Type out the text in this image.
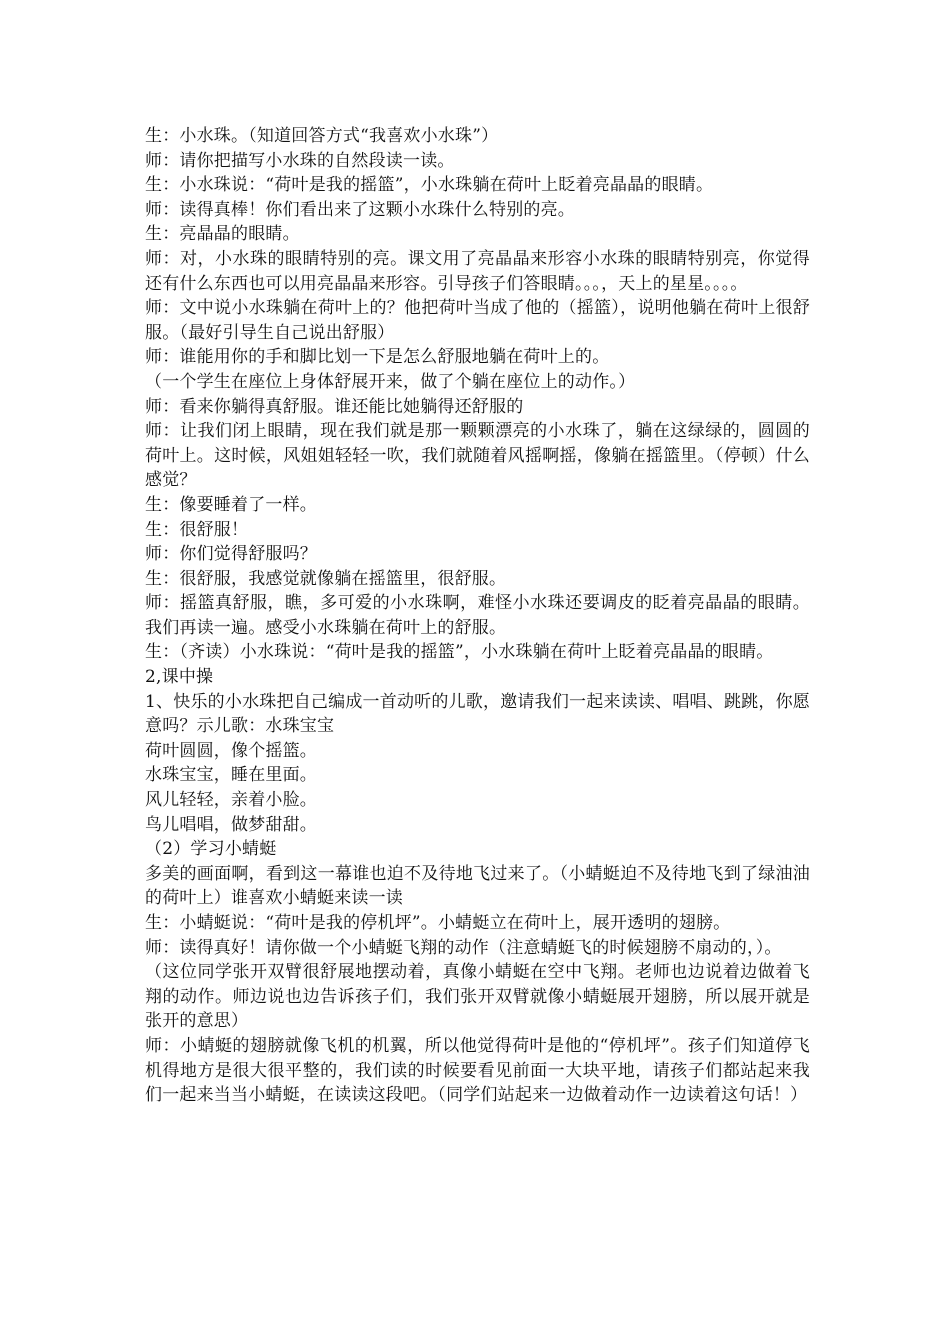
生：小水珠。（知道回答方式“我喜欢小水珠”）

师：请你把描写小水珠的自然段读一读。

生：小水珠说：“荷叶是我的摇篮”，小水珠躺在荷叶上眨着亮晶晶的眼睛。

师：读得真棒！你们看出来了这颗小水珠什么特别的亮。

生：亮晶晶的眼睛。

师：对，小水珠的眼睛特别的亮。课文用了亮晶晶来形容小水珠的眼睛特别亮，你觉得还有什么东西也可以用亮晶晶来形容。引导孩子们答眼睛。。。，天上的星星。。。。

师：文中说小水珠躺在荷叶上的？他把荷叶当成了他的（摇篮），说明他躺在荷叶上很舒服。（最好引导生自己说出舒服）

师：谁能用你的手和脚比划一下是怎么舒服地躺在荷叶上的。

（一个学生在座位上身体舒展开来，做了个躺在座位上的动作。）

师：看来你躺得真舒服。谁还能比她躺得还舒服的

师：让我们闭上眼睛，现在我们就是那一颗颗漂亮的小水珠了，躺在这绿绿的，圆圆的荷叶上。这时候，风姐姐轻轻一吹，我们就随着风摇啊摇，像躺在摇篮里。（停顿）什么感觉？

生：像要睡着了一样。

生：很舒服！

师：你们觉得舒服吗？

生：很舒服，我感觉就像躺在摇篮里，很舒服。

师：摇篮真舒服，瞧，多可爱的小水珠啊，难怪小水珠还要调皮的眨着亮晶晶的眼睛。我们再读一遍。感受小水珠躺在荷叶上的舒服。

生：（齐读）小水珠说：“荷叶是我的摇篮”，小水珠躺在荷叶上眨着亮晶晶的眼睛。

2,课中操

1、快乐的小水珠把自己编成一首动听的儿歌，邀请我们一起来读读、唱唱、跳跳，你愿意吗？示儿歌：水珠宝宝

荷叶圆圆，像个摇篮。

水珠宝宝，睡在里面。

风儿轻轻，亲着小脸。

鸟儿唱唱，做梦甜甜。

（2）学习小蜻蜓

多美的画面啊，看到这一幕谁也迫不及待地飞过来了。（小蜻蜓迫不及待地飞到了绿油油的荷叶上）谁喜欢小蜻蜓来读一读

生：小蜻蜓说：“荷叶是我的停机坪”。小蜻蜓立在荷叶上，展开透明的翅膀。

师：读得真好！请你做一个小蜻蜓飞翔的动作（注意蜻蜓飞的时候翅膀不扇动的，）。

（这位同学张开双臂很舒展地摆动着，真像小蜻蜓在空中飞翔。老师也边说着边做着飞翔的动作。师边说也边告诉孩子们，我们张开双臂就像小蜻蜓展开翅膀，所以展开就是张开的意思）

师：小蜻蜓的翅膀就像飞机的机翼，所以他觉得荷叶是他的“停机坪”。孩子们知道停飞机得地方是很大很平整的，我们读的时候要看见前面一大块平地，请孩子们都站起来我们一起来当当小蜻蜓，在读读这段吧。（同学们站起来一边做着动作一边读着这句话！）
